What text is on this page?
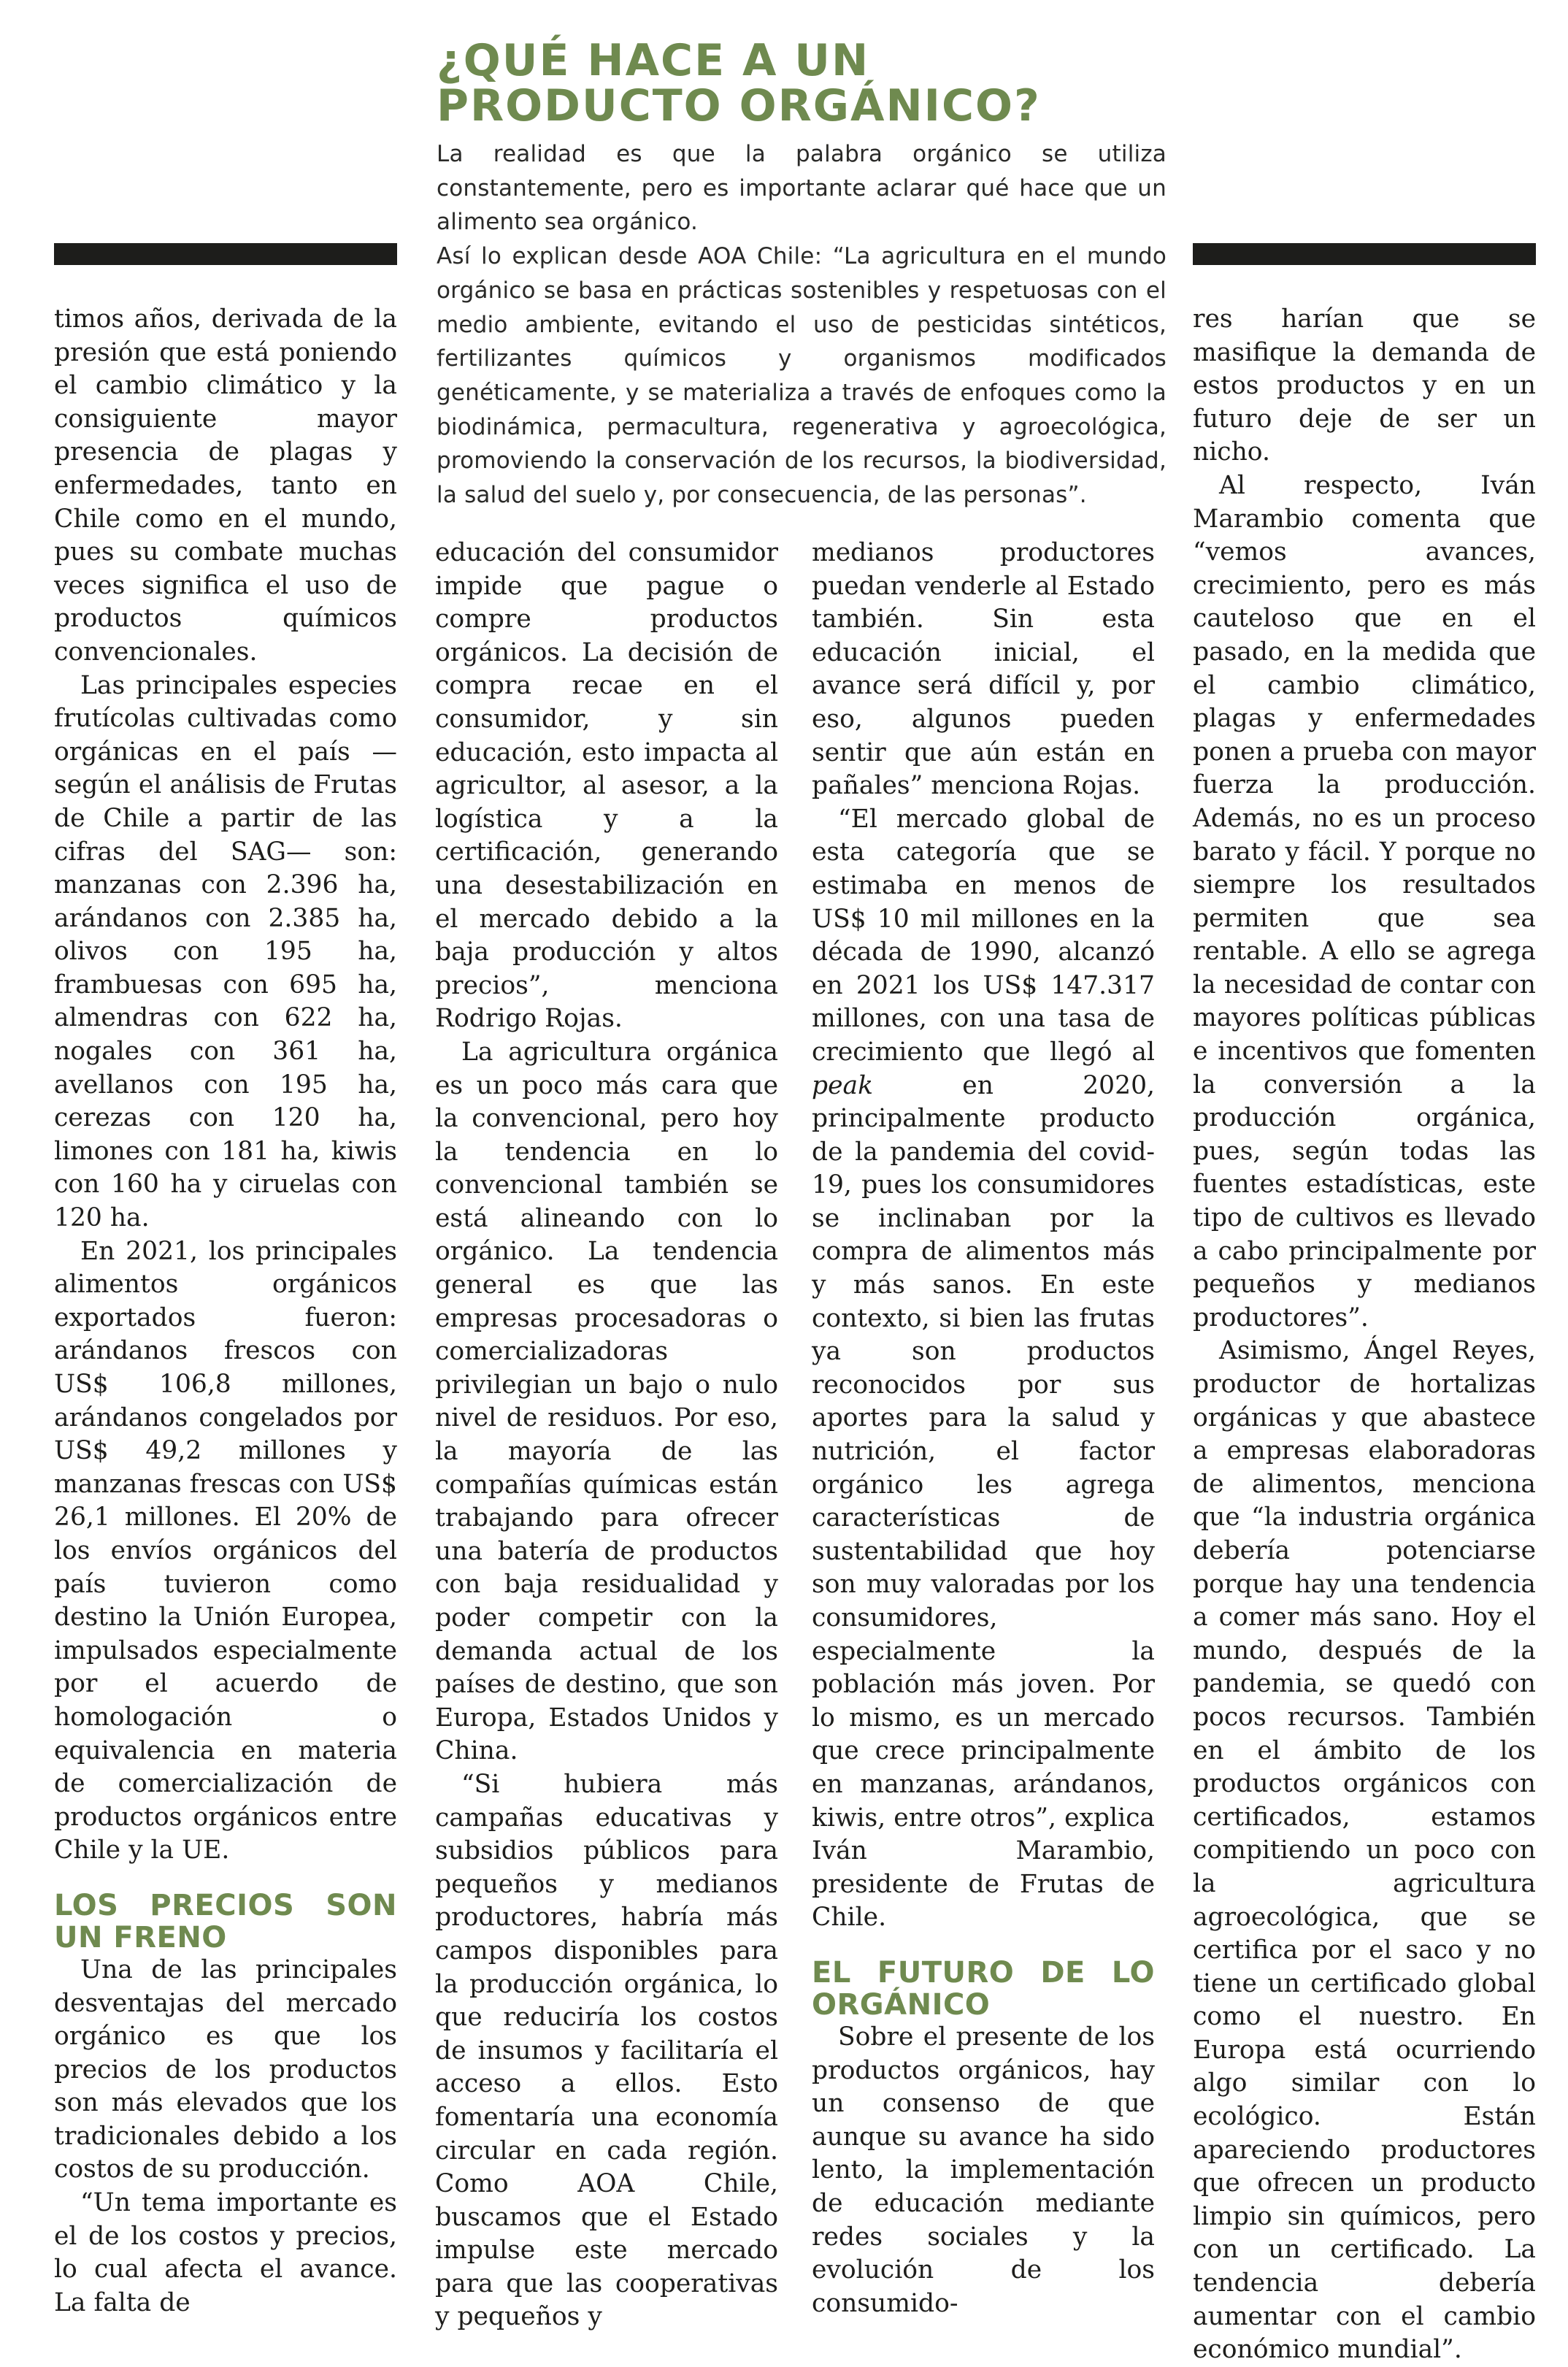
¿QUÉ HACE A UN
PRODUCTO ORGÁNICO?

La realidad es que la palabra orgánico se utiliza constantemente, pero es importante aclarar qué hace que un alimento sea orgánico.

Así lo explican desde AOA Chile: “La agricultura en el mundo orgánico se basa en prácticas sostenibles y respetuosas con el medio ambiente, evitando el uso de pesticidas sintéticos, fertilizantes químicos y organismos modificados genéticamente, y se materializa a través de enfoques como la biodinámica, permacultura, regenerativa y agroecológica, promoviendo la conservación de los recursos, la biodiversidad, la salud del suelo y, por consecuencia, de las personas”.

timos años, derivada de la presión que está poniendo el cambio climático y la consiguiente mayor presencia de plagas y enfermedades, tanto en Chile como en el mundo, pues su combate muchas veces significa el uso de productos químicos convencionales.

Las principales especies frutícolas cultivadas como orgánicas en el país —según el análisis de Frutas de Chile a partir de las cifras del SAG— son: manzanas con 2.396 ha, arándanos con 2.385 ha, olivos con 195 ha, frambuesas con 695 ha, almendras con 622 ha, nogales con 361 ha, avellanos con 195 ha, cerezas con 120 ha, limones con 181 ha, kiwis con 160 ha y ciruelas con 120 ha.

En 2021, los principales alimentos orgánicos exportados fueron: arándanos frescos con US$ 106,8 millones, arándanos congelados por US$ 49,2 millones y manzanas frescas con US$ 26,1 millones. El 20% de los envíos orgánicos del país tuvieron como destino la Unión Europea, impulsados especialmente por el acuerdo de homologación o equivalencia en materia de comercialización de productos orgánicos entre Chile y la UE.

LOS PRECIOS SON UN FRENO

Una de las principales desventajas del mercado orgánico es que los precios de los productos son más elevados que los tradicionales debido a los costos de su producción.

“Un tema importante es el de los costos y precios, lo cual afecta el avance. La falta de

educación del consumidor impide que pague o compre productos orgánicos. La decisión de compra recae en el consumidor, y sin educación, esto impacta al agricultor, al asesor, a la logística y a la certificación, generando una desestabilización en el mercado debido a la baja producción y altos precios”, menciona Rodrigo Rojas.

La agricultura orgánica es un poco más cara que la convencional, pero hoy la tendencia en lo convencional también se está alineando con lo orgánico. La tendencia general es que las empresas procesadoras o comercializadoras privilegian un bajo o nulo nivel de residuos. Por eso, la mayoría de las compañías químicas están trabajando para ofrecer una batería de productos con baja residualidad y poder competir con la demanda actual de los países de destino, que son Europa, Estados Unidos y China.

“Si hubiera más campañas educativas y subsidios públicos para pequeños y medianos productores, habría más campos disponibles para la producción orgánica, lo que reduciría los costos de insumos y facilitaría el acceso a ellos. Esto fomentaría una economía circular en cada región. Como AOA Chile, buscamos que el Estado impulse este mercado para que las cooperativas y pequeños y

medianos productores puedan venderle al Estado también. Sin esta educación inicial, el avance será difícil y, por eso, algunos pueden sentir que aún están en pañales” menciona Rojas.

“El mercado global de esta categoría que se estimaba en menos de US$ 10 mil millones en la década de 1990, alcanzó en 2021 los US$ 147.317 millones, con una tasa de crecimiento que llegó al peak	en 2020, principalmente producto de la pandemia del covid-19, pues los consumidores se inclinaban por la compra de alimentos más y más sanos. En este contexto, si bien las frutas ya son productos reconocidos por sus aportes para la salud y nutrición, el factor orgánico les agrega características de sustentabilidad que hoy son muy valoradas por los consumidores, especialmente la población más joven. Por lo mismo, es un mercado que crece principalmente en manzanas, arándanos, kiwis, entre otros”, explica Iván Marambio, presidente de Frutas de Chile.

EL FUTURO DE LO ORGÁNICO

Sobre el presente de los productos orgánicos, hay un consenso de que aunque su avance ha sido lento, la implementación de educación mediante redes sociales y la evolución de los consumido-

res harían que se masifique la demanda de estos productos y en un futuro deje de ser un nicho.

Al respecto, Iván Marambio comenta que “vemos avances, crecimiento, pero es más cauteloso que en el pasado, en la medida que el cambio climático, plagas y enfermedades ponen a prueba con mayor fuerza la producción. Además, no es un proceso barato y fácil. Y porque no siempre los resultados permiten que sea rentable. A ello se agrega la necesidad de contar con mayores políticas públicas e incentivos que fomenten la conversión a la producción orgánica, pues, según todas las fuentes estadísticas, este tipo de cultivos es llevado a cabo principalmente por pequeños y medianos productores”.

Asimismo, Ángel Reyes, productor de hortalizas orgánicas y que abastece a empresas elaboradoras de alimentos, menciona que “la industria orgánica debería potenciarse porque hay una tendencia a comer más sano. Hoy el mundo, después de la pandemia, se quedó con pocos recursos. También en el ámbito de los productos orgánicos con certificados, estamos compitiendo un poco con la agricultura agroecológica, que se certifica por el saco y no tiene un certificado global como el nuestro. En Europa está ocurriendo algo similar con lo ecológico. Están apareciendo productores que ofrecen un producto limpio sin químicos, pero con un certificado. La tendencia debería aumentar con el cambio económico mundial”.
